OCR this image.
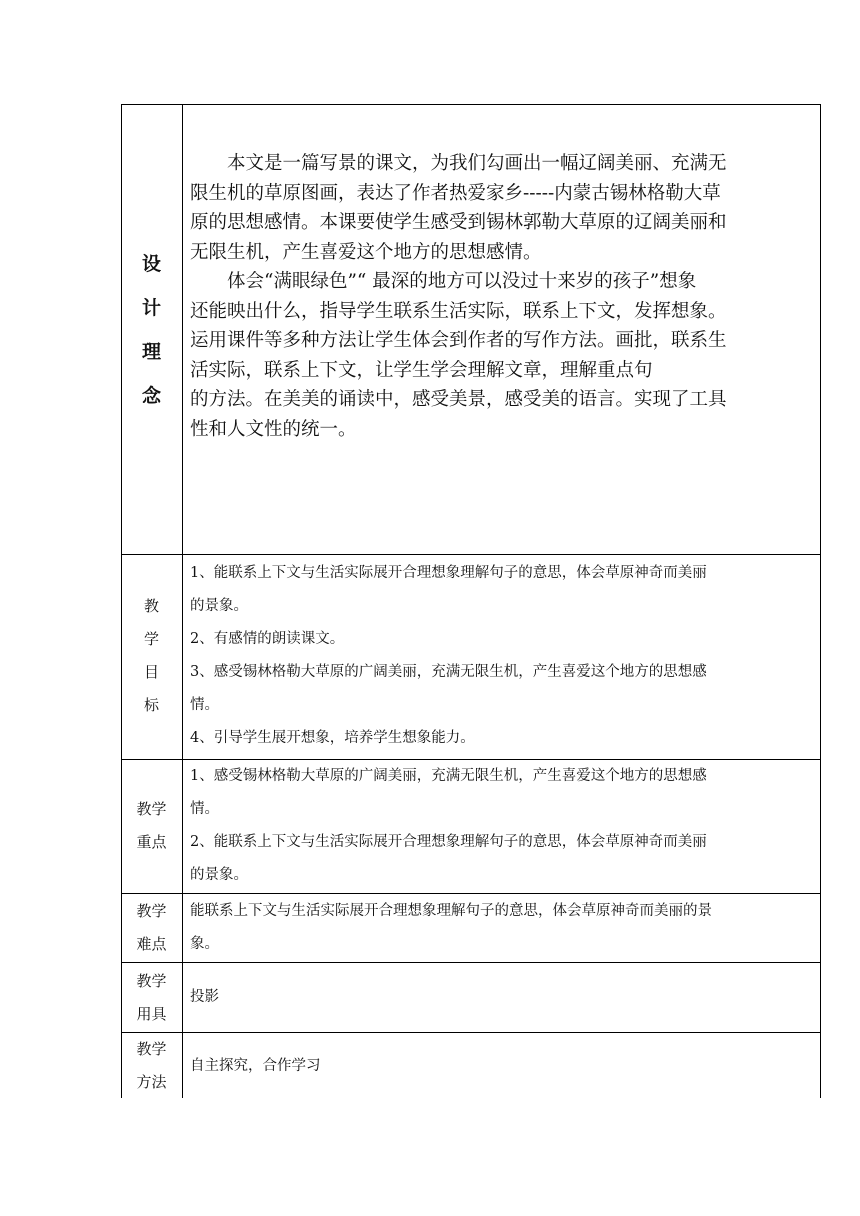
设
计
理
念
本文是一篇写景的课文，为我们勾画出一幅辽阔美丽、充满无
限生机的草原图画，表达了作者热爱家乡-----内蒙古锡林格勒大草
原的思想感情。本课要使学生感受到锡林郭勒大草原的辽阔美丽和
无限生机，产生喜爱这个地方的思想感情。
体会“满眼绿色”“ 最深的地方可以没过十来岁的孩子”想象
还能映出什么，指导学生联系生活实际，联系上下文，发挥想象。
运用课件等多种方法让学生体会到作者的写作方法。画批，联系生
活实际，联系上下文，让学生学会理解文章，理解重点句
的方法。在美美的诵读中，感受美景，感受美的语言。实现了工具
性和人文性的统一。
教
学
目
标
1、能联系上下文与生活实际展开合理想象理解句子的意思，体会草原神奇而美丽
的景象。
2、有感情的朗读课文。
3、感受锡林格勒大草原的广阔美丽，充满无限生机，产生喜爱这个地方的思想感
情。
4、引导学生展开想象，培养学生想象能力。
教学
重点
1、感受锡林格勒大草原的广阔美丽，充满无限生机，产生喜爱这个地方的思想感
情。
2、能联系上下文与生活实际展开合理想象理解句子的意思，体会草原神奇而美丽
的景象。
教学
难点
能联系上下文与生活实际展开合理想象理解句子的意思，体会草原神奇而美丽的景
象。
教学
用具
投影
教学
方法
自主探究，合作学习
